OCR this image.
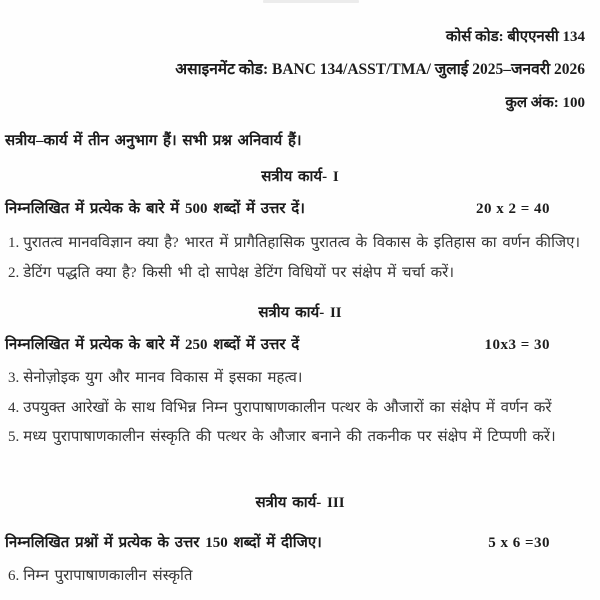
कोर्स कोड: बीएएनसी 134
असाइनमेंट कोड: BANC 134/ASST/TMA/ जुलाई 2025–जनवरी 2026
कुल अंक: 100
सत्रीय–कार्य में तीन अनुभाग हैं। सभी प्रश्न अनिवार्य हैं।
सत्रीय कार्य- I
निम्नलिखित में प्रत्येक के बारे में 500 शब्दों में उत्तर दें।	20 x 2 = 40
1. पुरातत्व मानवविज्ञान क्या है? भारत में प्रागैतिहासिक पुरातत्व के विकास के इतिहास का वर्णन कीजिए।
2. डेटिंग पद्धति क्या है? किसी भी दो सापेक्ष डेटिंग विधियों पर संक्षेप में चर्चा करें।
सत्रीय कार्य- II
निम्नलिखित में प्रत्येक के बारे में 250 शब्दों में उत्तर दें	10x3 = 30
3. सेनोज़ोइक युग और मानव विकास में इसका महत्व।
4. उपयुक्त आरेखों के साथ विभिन्न निम्न पुरापाषाणकालीन पत्थर के औजारों का संक्षेप में वर्णन करें
5. मध्य पुरापाषाणकालीन संस्कृति की पत्थर के औजार बनाने की तकनीक पर संक्षेप में टिप्पणी करें।
सत्रीय कार्य- III
निम्नलिखित प्रश्नों में प्रत्येक के उत्तर 150 शब्दों में दीजिए।	5 x 6 =30
6. निम्न पुरापाषाणकालीन संस्कृति
